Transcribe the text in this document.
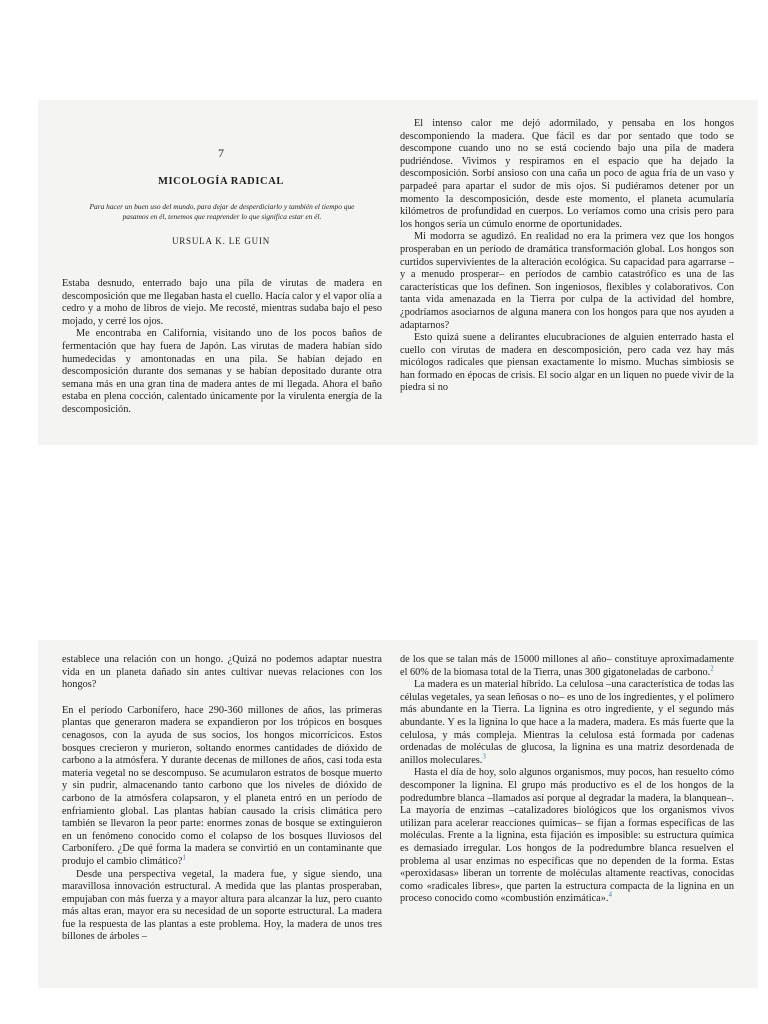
7

MICOLOGÍA RADICAL

Para hacer un buen uso del mundo, para dejar de desperdiciarlo y también el tiempo que pasamos en él, tenemos que reaprender lo que significa estar en él.

URSULA K. LE GUIN

Estaba desnudo, enterrado bajo una pila de virutas de madera en descomposición que me llegaban hasta el cuello. Hacía calor y el vapor olía a cedro y a moho de libros de viejo. Me recosté, mientras sudaba bajo el peso mojado, y cerré los ojos.

Me encontraba en California, visitando uno de los pocos baños de fermentación que hay fuera de Japón. Las virutas de madera habían sido humedecidas y amontonadas en una pila. Se habían dejado en descomposición durante dos semanas y se habían depositado durante otra semana más en una gran tina de madera antes de mi llegada. Ahora el baño estaba en plena cocción, calentado únicamente por la virulenta energía de la descomposición.

El intenso calor me dejó adormilado, y pensaba en los hongos descomponiendo la madera. Que fácil es dar por sentado que todo se descompone cuando uno no se está cociendo bajo una pila de madera pudriéndose. Vivimos y respiramos en el espacio que ha dejado la descomposición. Sorbí ansioso con una caña un poco de agua fría de un vaso y parpadeé para apartar el sudor de mis ojos. Si pudiéramos detener por un momento la descomposición, desde este momento, el planeta acumularía kilómetros de profundidad en cuerpos. Lo veríamos como una crisis pero para los hongos sería un cúmulo enorme de oportunidades.

Mi modorra se agudizó. En realidad no era la primera vez que los hongos prosperaban en un período de dramática transformación global. Los hongos son curtidos supervivientes de la alteración ecológica. Su capacidad para agarrarse –y a menudo prosperar– en períodos de cambio catastrófico es una de las características que los definen. Son ingeniosos, flexibles y colaborativos. Con tanta vida amenazada en la Tierra por culpa de la actividad del hombre, ¿podríamos asociarnos de alguna manera con los hongos para que nos ayuden a adaptarnos?

Esto quizá suene a delirantes elucubraciones de alguien enterrado hasta el cuello con virutas de madera en descomposición, pero cada vez hay más micólogos radicales que piensan exactamente lo mismo. Muchas simbiosis se han formado en épocas de crisis. El socio algar en un liquen no puede vivir de la piedra si no

establece una relación con un hongo. ¿Quizá no podemos adaptar nuestra vida en un planeta dañado sin antes cultivar nuevas relaciones con los hongos?

En el período Carbonífero, hace 290-360 millones de años, las primeras plantas que generaron madera se expandieron por los trópicos en bosques cenagosos, con la ayuda de sus socios, los hongos micorrícicos. Estos bosques crecieron y murieron, soltando enormes cantidades de dióxido de carbono a la atmósfera. Y durante decenas de millones de años, casi toda esta materia vegetal no se descompuso. Se acumularon estratos de bosque muerto y sin pudrir, almacenando tanto carbono que los niveles de dióxido de carbono de la atmósfera colapsaron, y el planeta entró en un período de enfriamiento global. Las plantas habían causado la crisis climática pero también se llevaron la peor parte: enormes zonas de bosque se extinguieron en un fenómeno conocido como el colapso de los bosques lluviosos del Carbonífero. ¿De qué forma la madera se convirtió en un contaminante que produjo el cambio climático?$^1$

Desde una perspectiva vegetal, la madera fue, y sigue siendo, una maravillosa innovación estructural. A medida que las plantas prosperaban, empujaban con más fuerza y a mayor altura para alcanzar la luz, pero cuanto más altas eran, mayor era su necesidad de un soporte estructural. La madera fue la respuesta de las plantas a este problema. Hoy, la madera de unos tres billones de árboles –

de los que se talan más de 15000 millones al año– constituye aproximadamente el 60% de la biomasa total de la Tierra, unas 300 gigatoneladas de carbono.$^2$

La madera es un material híbrido. La celulosa –una característica de todas las células vegetales, ya sean leñosas o no– es uno de los ingredientes, y el polímero más abundante en la Tierra. La lignina es otro ingrediente, y el segundo más abundante. Y es la lignina lo que hace a la madera, madera. Es más fuerte que la celulosa, y más compleja. Mientras la celulosa está formada por cadenas ordenadas de moléculas de glucosa, la lignina es una matriz desordenada de anillos moleculares.$^3$

Hasta el día de hoy, solo algunos organismos, muy pocos, han resuelto cómo descomponer la lignina. El grupo más productivo es el de los hongos de la podredumbre blanca –llamados así porque al degradar la madera, la blanquean–. La mayoría de enzimas –catalizadores biológicos que los organismos vivos utilizan para acelerar reacciones químicas– se fijan a formas específicas de las moléculas. Frente a la lignina, esta fijación es imposible: su estructura química es demasiado irregular. Los hongos de la podredumbre blanca resuelven el problema al usar enzimas no específicas que no dependen de la forma. Estas «peroxidasas» liberan un torrente de moléculas altamente reactivas, conocidas como «radicales libres», que parten la estructura compacta de la lignina en un proceso conocido como «combustión enzimática».$^4$
